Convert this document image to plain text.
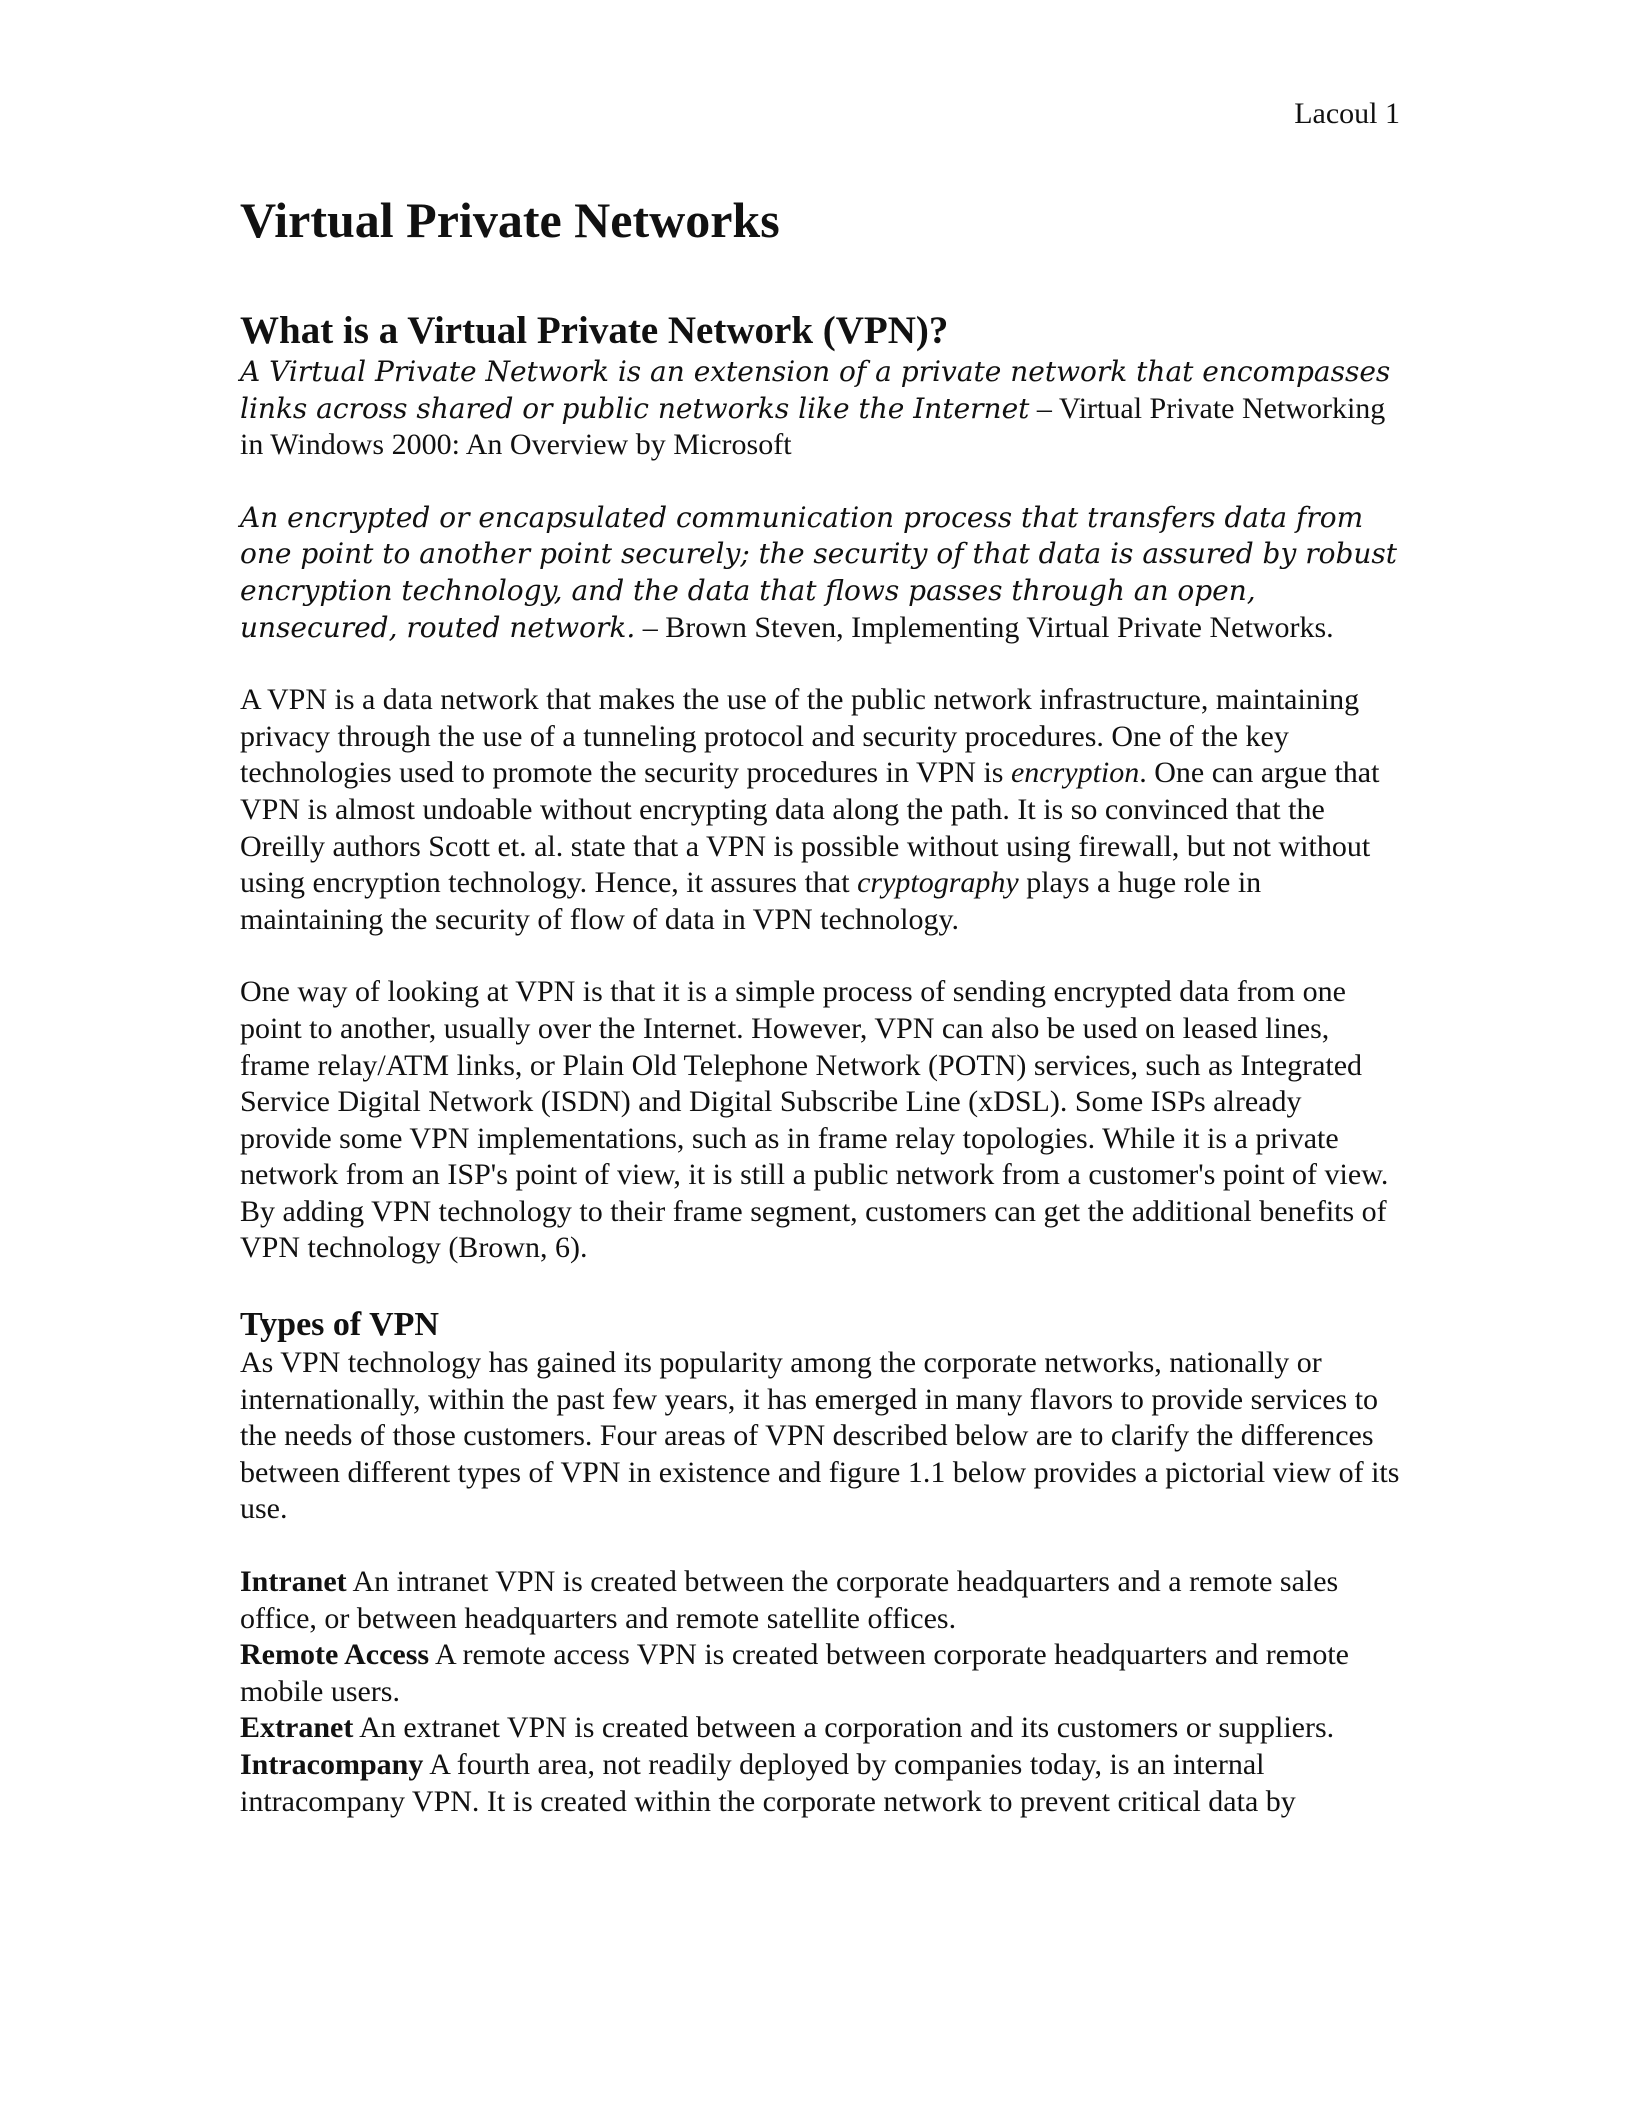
Lacoul 1
Virtual Private Networks
What is a Virtual Private Network (VPN)?

A Virtual Private Network is an extension of a private network that encompasses links across shared or public networks like the Internet – Virtual Private Networking in Windows 2000: An Overview by Microsoft

An encrypted or encapsulated communication process that transfers data from one point to another point securely; the security of that data is assured by robust encryption technology, and the data that flows passes through an open, unsecured, routed network. – Brown Steven, Implementing Virtual Private Networks.

A VPN is a data network that makes the use of the public network infrastructure, maintaining privacy through the use of a tunneling protocol and security procedures. One of the key technologies used to promote the security procedures in VPN is encryption. One can argue that VPN is almost undoable without encrypting data along the path. It is so convinced that the Oreilly authors Scott et. al. state that a VPN is possible without using firewall, but not without using encryption technology. Hence, it assures that cryptography plays a huge role in maintaining the security of flow of data in VPN technology.

One way of looking at VPN is that it is a simple process of sending encrypted data from one point to another, usually over the Internet. However, VPN can also be used on leased lines, frame relay/ATM links, or Plain Old Telephone Network (POTN) services, such as Integrated Service Digital Network (ISDN) and Digital Subscribe Line (xDSL). Some ISPs already provide some VPN implementations, such as in frame relay topologies. While it is a private network from an ISP's point of view, it is still a public network from a customer's point of view. By adding VPN technology to their frame segment, customers can get the additional benefits of VPN technology (Brown, 6).

Types of VPN

As VPN technology has gained its popularity among the corporate networks, nationally or internationally, within the past few years, it has emerged in many flavors to provide services to the needs of those customers. Four areas of VPN described below are to clarify the differences between different types of VPN in existence and figure 1.1 below provides a pictorial view of its use.

Intranet An intranet VPN is created between the corporate headquarters and a remote sales office, or between headquarters and remote satellite offices.

Remote Access A remote access VPN is created between corporate headquarters and remote mobile users.

Extranet An extranet VPN is created between a corporation and its customers or suppliers.

Intracompany A fourth area, not readily deployed by companies today, is an internal intracompany VPN. It is created within the corporate network to prevent critical data by
